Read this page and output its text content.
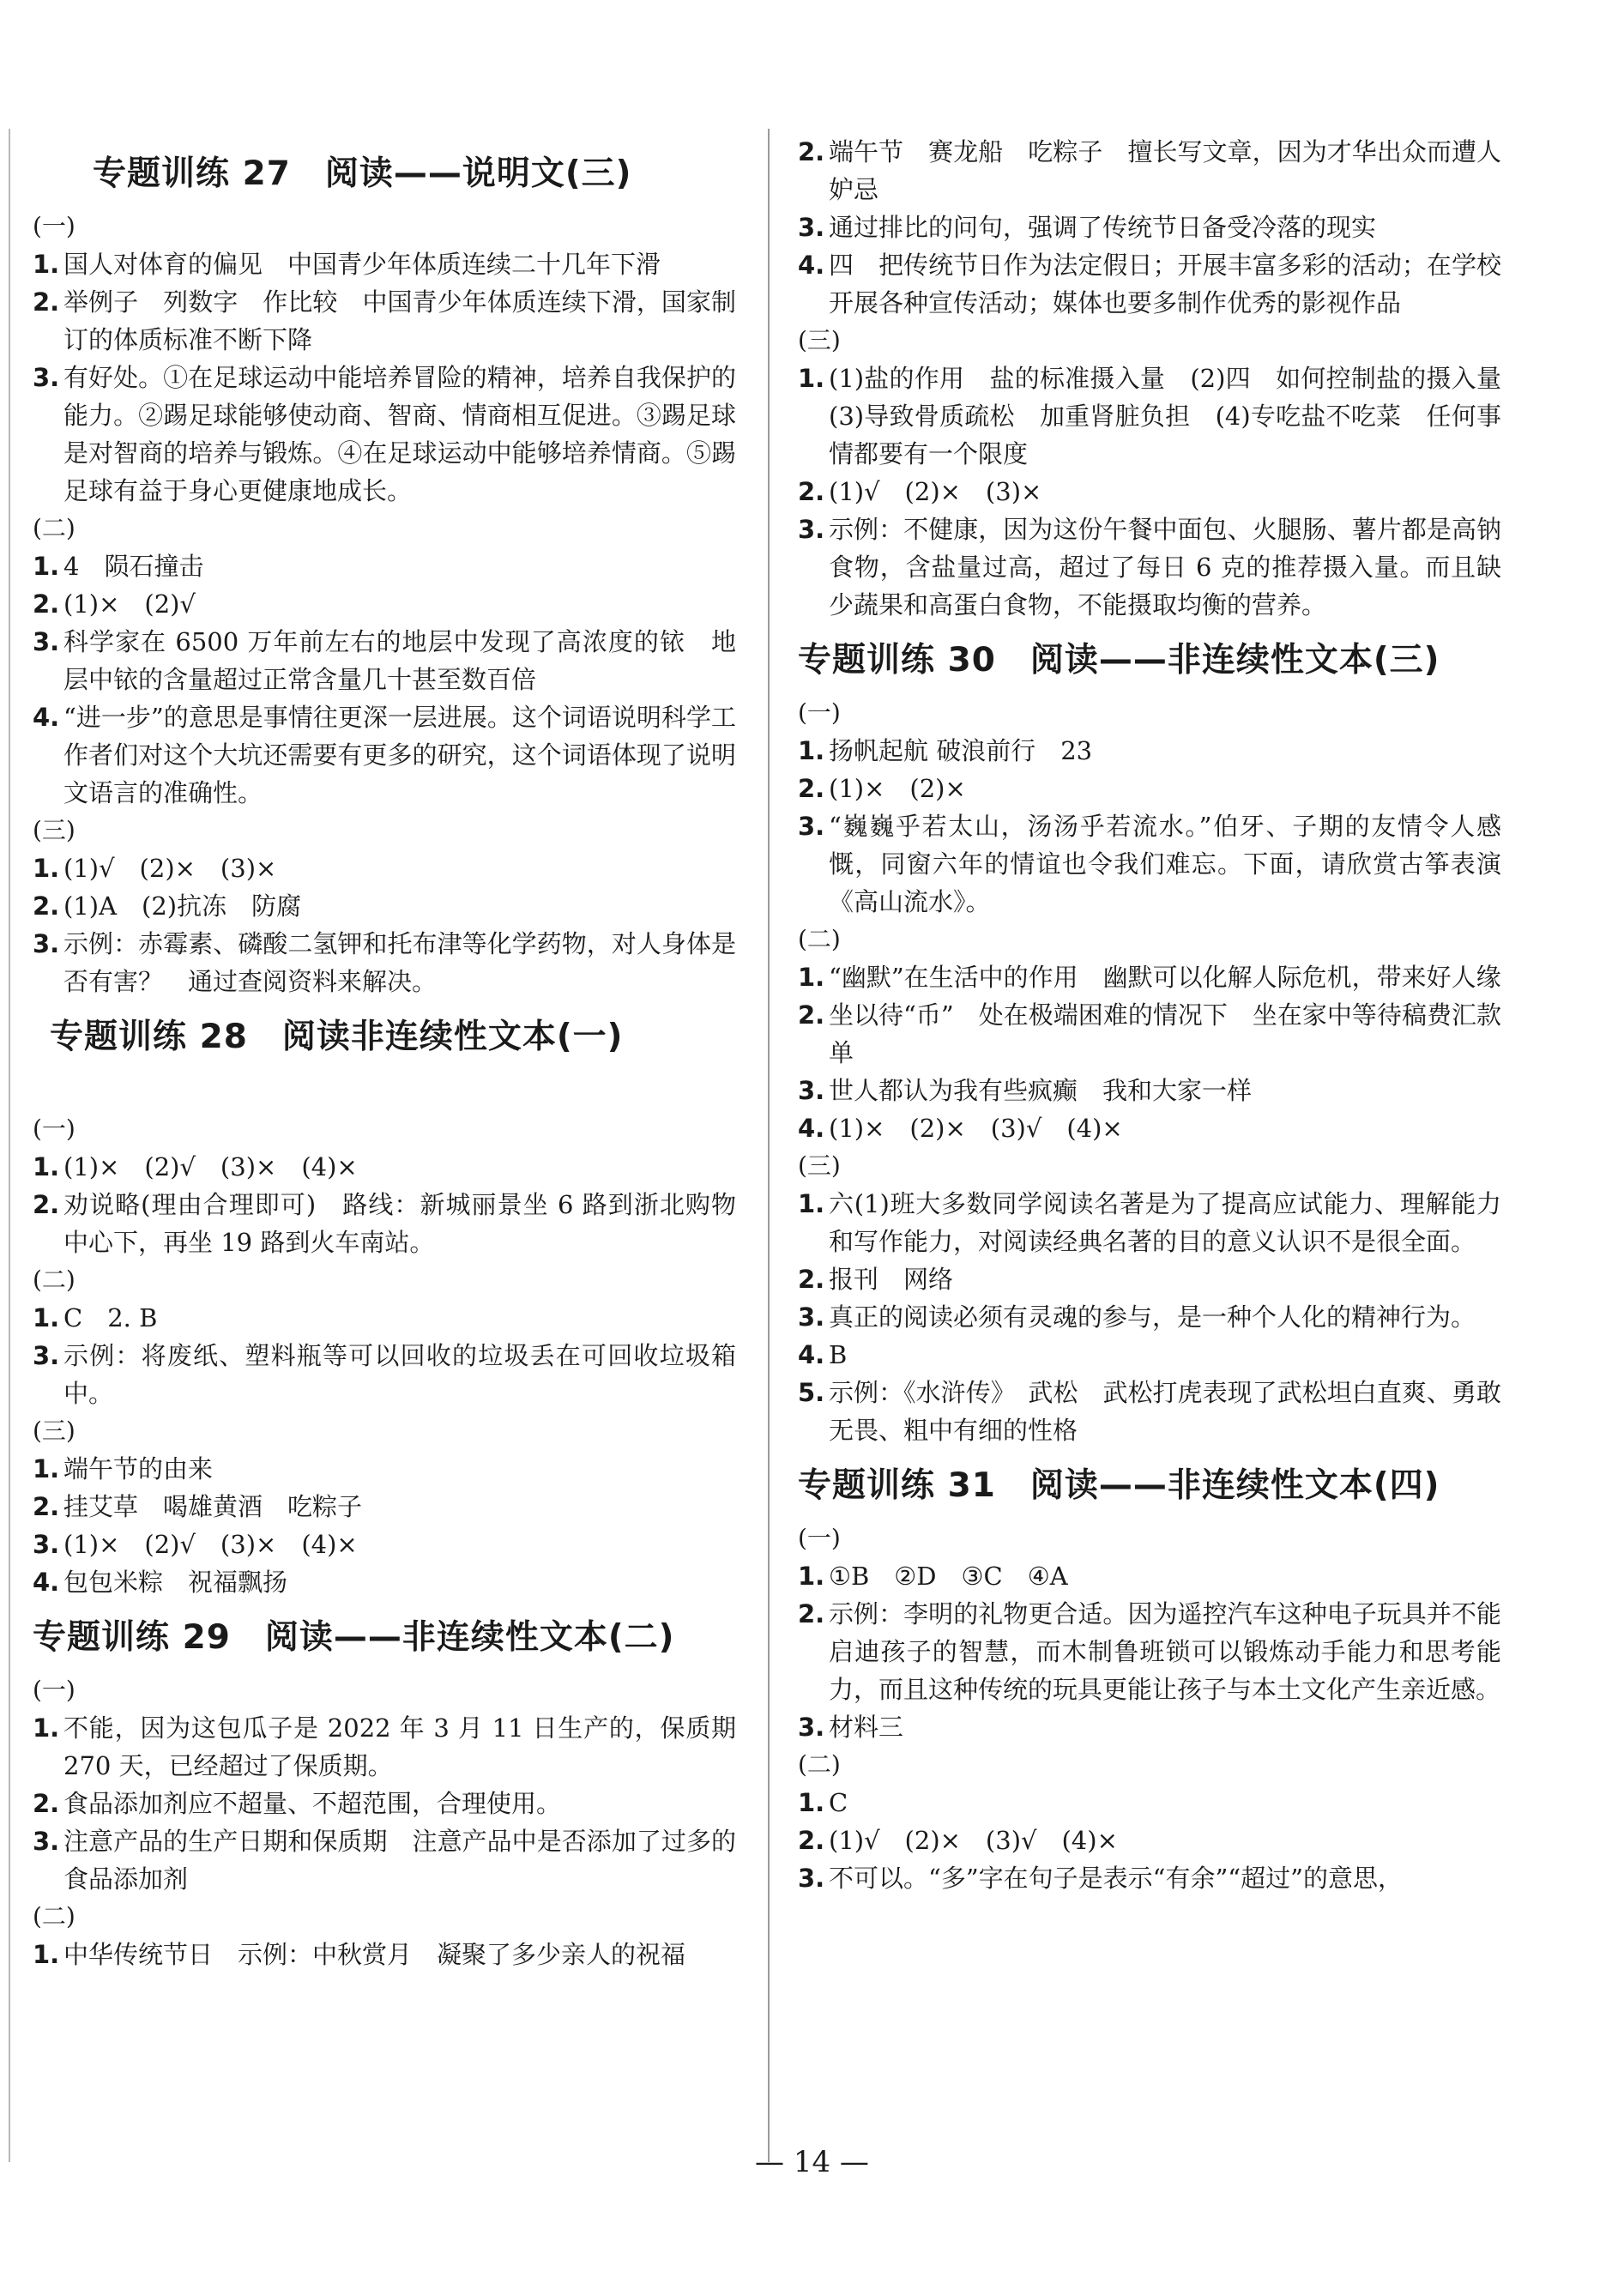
专题训练 27　阅读——说明文(三)
(一)
1. 国人对体育的偏见　中国青少年体质连续二十几年下滑
2. 举例子　列数字　作比较　中国青少年体质连续下滑，国家制订的体质标准不断下降
3. 有好处。①在足球运动中能培养冒险的精神，培养自我保护的能力。②踢足球能够使动商、智商、情商相互促进。③踢足球是对智商的培养与锻炼。④在足球运动中能够培养情商。⑤踢足球有益于身心更健康地成长。
(二)
1. 4　陨石撞击
2. (1)×　(2)√
3. 科学家在 6500 万年前左右的地层中发现了高浓度的铱　地层中铱的含量超过正常含量几十甚至数百倍
4. “进一步”的意思是事情往更深一层进展。这个词语说明科学工作者们对这个大坑还需要有更多的研究，这个词语体现了说明文语言的准确性。
(三)
1. (1)√　(2)×　(3)×
2. (1)A　(2)抗冻　防腐
3. 示例：赤霉素、磷酸二氢钾和托布津等化学药物，对人身体是否有害？　通过查阅资料来解决。
专题训练 28　阅读非连续性文本(一)
(一)
1. (1)×　(2)√　(3)×　(4)×
2. 劝说略(理由合理即可)　路线：新城丽景坐 6 路到浙北购物中心下，再坐 19 路到火车南站。
(二)
1. C　2. B
3. 示例：将废纸、塑料瓶等可以回收的垃圾丢在可回收垃圾箱中。
(三)
1. 端午节的由来
2. 挂艾草　喝雄黄酒　吃粽子
3. (1)×　(2)√　(3)×　(4)×
4. 包包米粽　祝福飘扬
专题训练 29　阅读——非连续性文本(二)
(一)
1. 不能，因为这包瓜子是 2022 年 3 月 11 日生产的，保质期 270 天，已经超过了保质期。
2. 食品添加剂应不超量、不超范围，合理使用。
3. 注意产品的生产日期和保质期　注意产品中是否添加了过多的食品添加剂
(二)
1. 中华传统节日　示例：中秋赏月　凝聚了多少亲人的祝福
2. 端午节　赛龙船　吃粽子　擅长写文章，因为才华出众而遭人妒忌
3. 通过排比的问句，强调了传统节日备受冷落的现实
4. 四　把传统节日作为法定假日；开展丰富多彩的活动；在学校开展各种宣传活动；媒体也要多制作优秀的影视作品
(三)
1. (1)盐的作用　盐的标准摄入量　(2)四　如何控制盐的摄入量　(3)导致骨质疏松　加重肾脏负担　(4)专吃盐不吃菜　任何事情都要有一个限度
2. (1)√　(2)×　(3)×
3. 示例：不健康，因为这份午餐中面包、火腿肠、薯片都是高钠食物，含盐量过高，超过了每日 6 克的推荐摄入量。而且缺少蔬果和高蛋白食物，不能摄取均衡的营养。
专题训练 30　阅读——非连续性文本(三)
(一)
1. 扬帆起航 破浪前行　23
2. (1)×　(2)×
3. “巍巍乎若太山，汤汤乎若流水。”伯牙、子期的友情令人感慨，同窗六年的情谊也令我们难忘。下面，请欣赏古筝表演《高山流水》。
(二)
1. “幽默”在生活中的作用　幽默可以化解人际危机，带来好人缘
2. 坐以待“币”　处在极端困难的情况下　坐在家中等待稿费汇款单
3. 世人都认为我有些疯癫　我和大家一样
4. (1)×　(2)×　(3)√　(4)×
(三)
1. 六(1)班大多数同学阅读名著是为了提高应试能力、理解能力和写作能力，对阅读经典名著的目的意义认识不是很全面。
2. 报刊　网络
3. 真正的阅读必须有灵魂的参与，是一种个人化的精神行为。
4. B
5. 示例：《水浒传》　武松　武松打虎表现了武松坦白直爽、勇敢无畏、粗中有细的性格
专题训练 31　阅读——非连续性文本(四)
(一)
1. ①B　②D　③C　④A
2. 示例：李明的礼物更合适。因为遥控汽车这种电子玩具并不能启迪孩子的智慧，而木制鲁班锁可以锻炼动手能力和思考能力，而且这种传统的玩具更能让孩子与本土文化产生亲近感。
3. 材料三
(二)
1. C
2. (1)√　(2)×　(3)√　(4)×
3. 不可以。“多”字在句子是表示“有余”“超过”的意思，
— 14 —
